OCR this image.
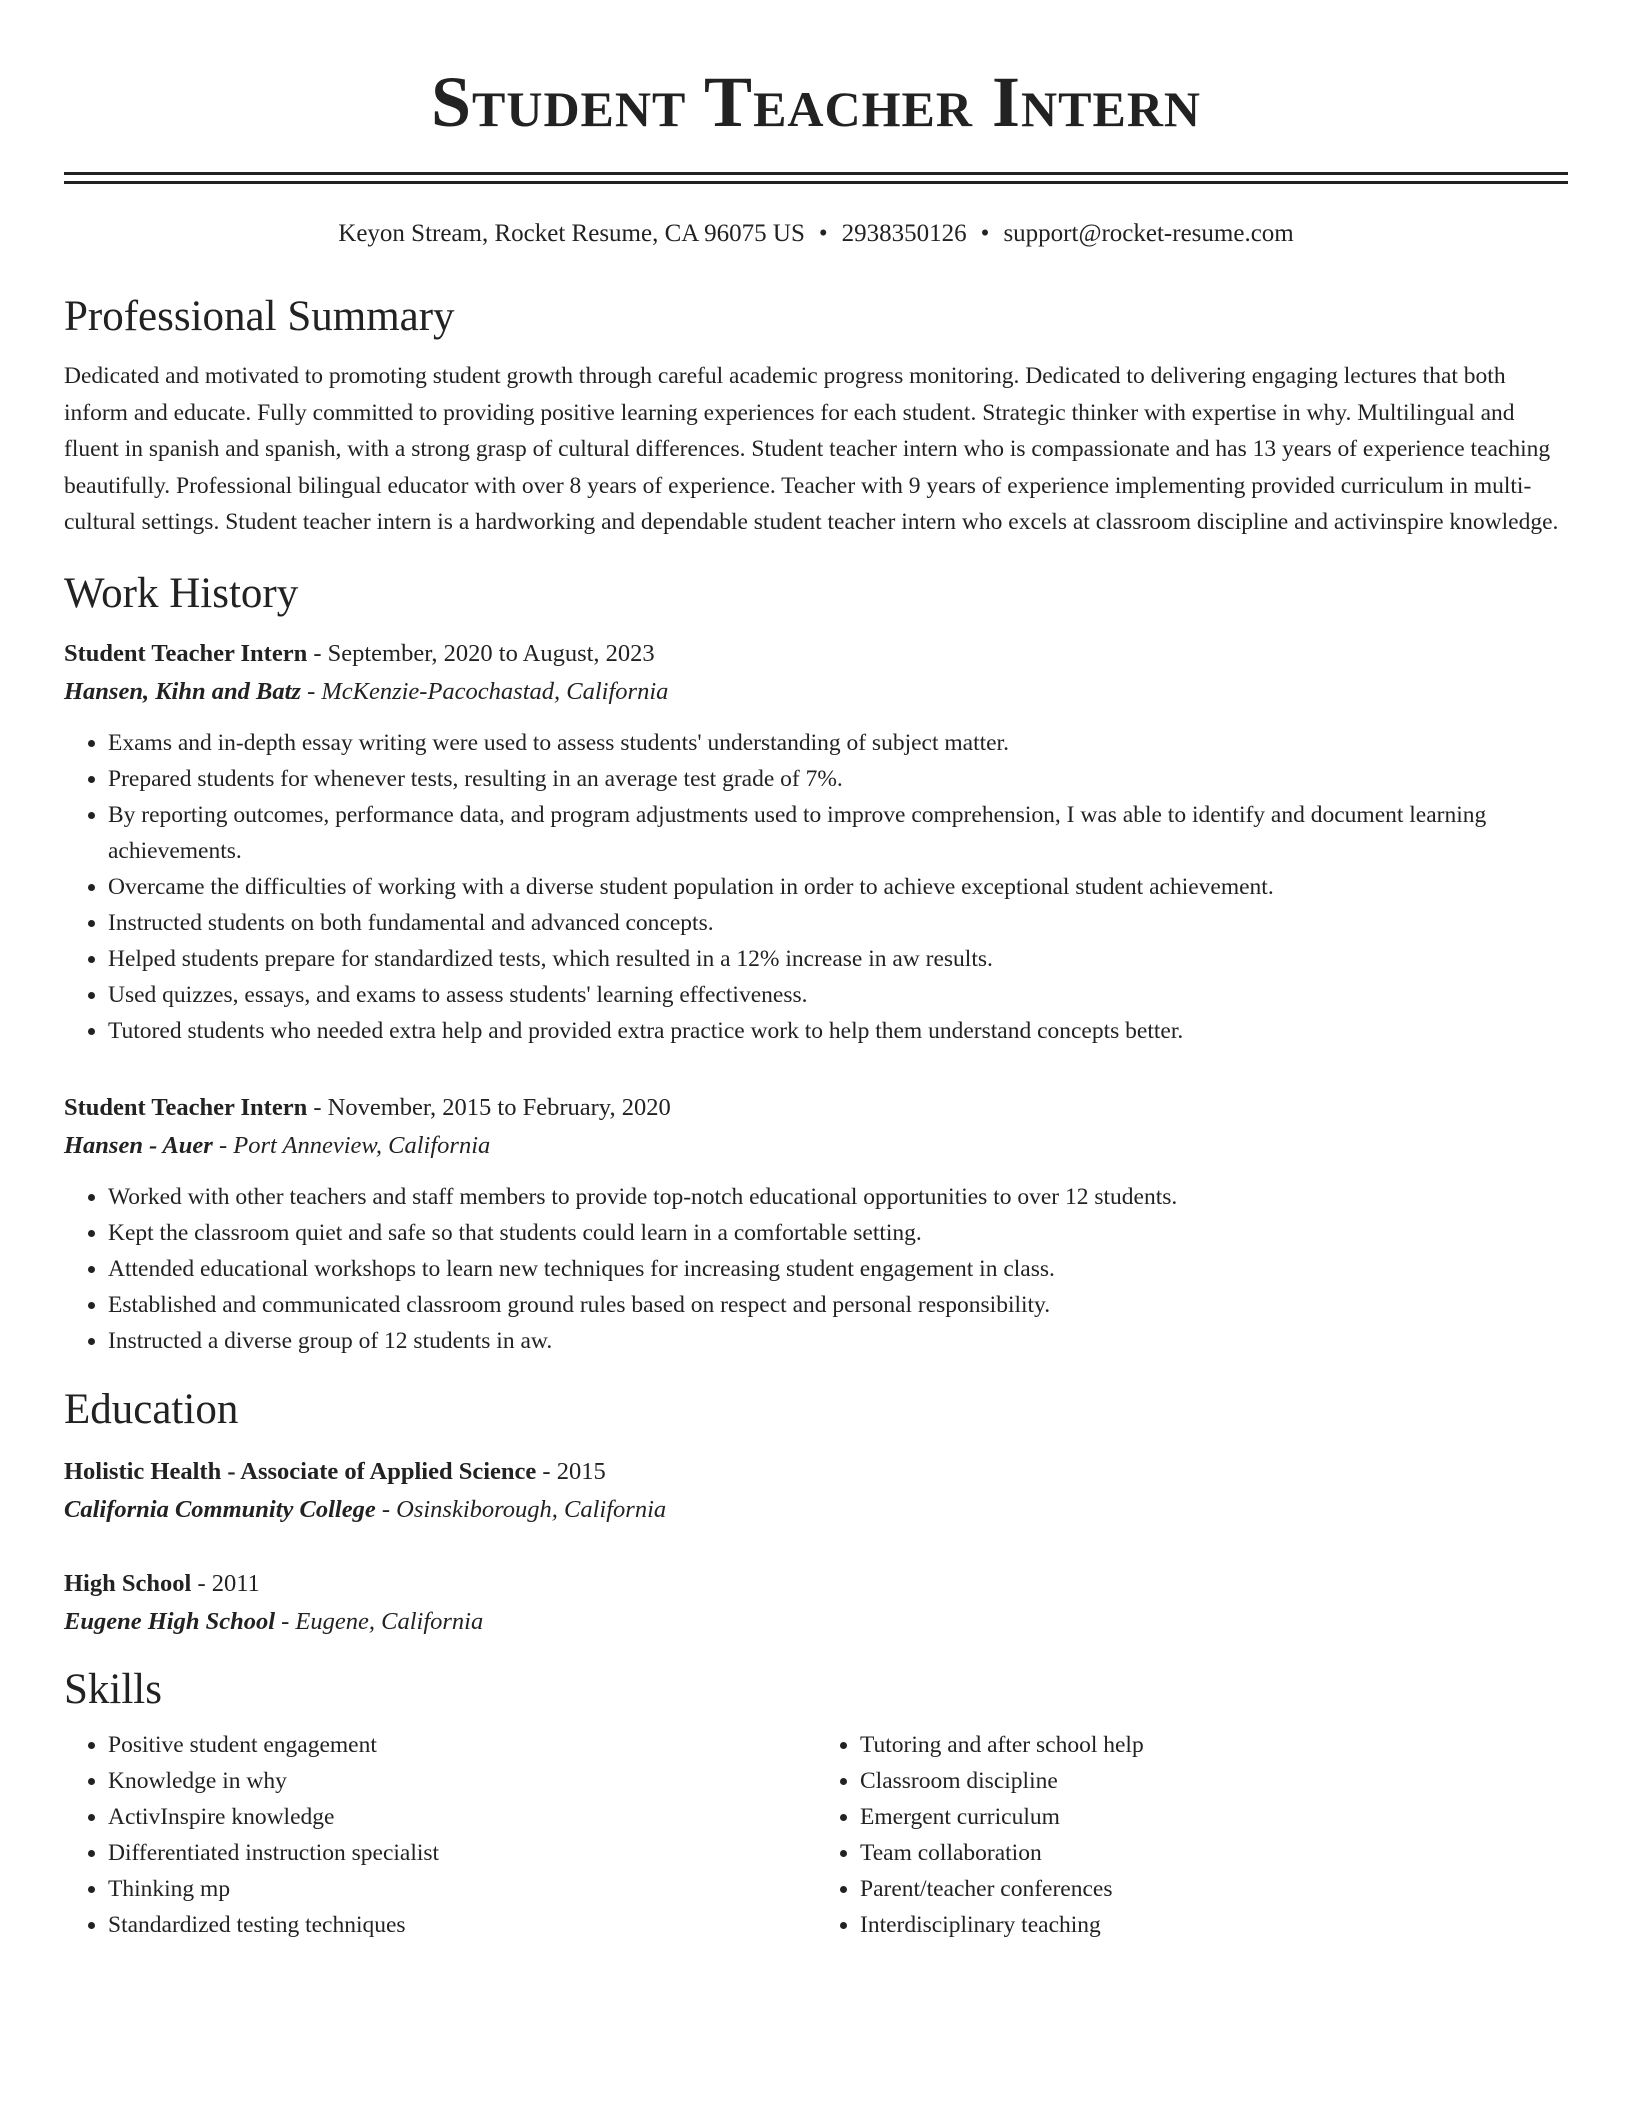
Student Teacher Intern
Keyon Stream, Rocket Resume, CA 96075 US • 2938350126 • support@rocket-resume.com
Professional Summary

Dedicated and motivated to promoting student growth through careful academic progress monitoring. Dedicated to delivering engaging lectures that both inform and educate. Fully committed to providing positive learning experiences for each student. Strategic thinker with expertise in why. Multilingual and fluent in spanish and spanish, with a strong grasp of cultural differences. Student teacher intern who is compassionate and has 13 years of experience teaching beautifully. Professional bilingual educator with over 8 years of experience. Teacher with 9 years of experience implementing provided curriculum in multi-cultural settings. Student teacher intern is a hardworking and dependable student teacher intern who excels at classroom discipline and activinspire knowledge.

Work History
Student Teacher Intern - September, 2020 to August, 2023
Hansen, Kihn and Batz - McKenzie-Pacochastad, California
• Exams and in-depth essay writing were used to assess students' understanding of subject matter.
• Prepared students for whenever tests, resulting in an average test grade of 7%.
• By reporting outcomes, performance data, and program adjustments used to improve comprehension, I was able to identify and document learning achievements.
• Overcame the difficulties of working with a diverse student population in order to achieve exceptional student achievement.
• Instructed students on both fundamental and advanced concepts.
• Helped students prepare for standardized tests, which resulted in a 12% increase in aw results.
• Used quizzes, essays, and exams to assess students' learning effectiveness.
• Tutored students who needed extra help and provided extra practice work to help them understand concepts better.
Student Teacher Intern - November, 2015 to February, 2020
Hansen - Auer - Port Anneview, California
• Worked with other teachers and staff members to provide top-notch educational opportunities to over 12 students.
• Kept the classroom quiet and safe so that students could learn in a comfortable setting.
• Attended educational workshops to learn new techniques for increasing student engagement in class.
• Established and communicated classroom ground rules based on respect and personal responsibility.
• Instructed a diverse group of 12 students in aw.
Education
Holistic Health - Associate of Applied Science - 2015
California Community College - Osinskiborough, California
High School - 2011
Eugene High School - Eugene, California
Skills
• Positive student engagement
• Knowledge in why
• ActivInspire knowledge
• Differentiated instruction specialist
• Thinking mp
• Standardized testing techniques
• Tutoring and after school help
• Classroom discipline
• Emergent curriculum
• Team collaboration
• Parent/teacher conferences
• Interdisciplinary teaching
